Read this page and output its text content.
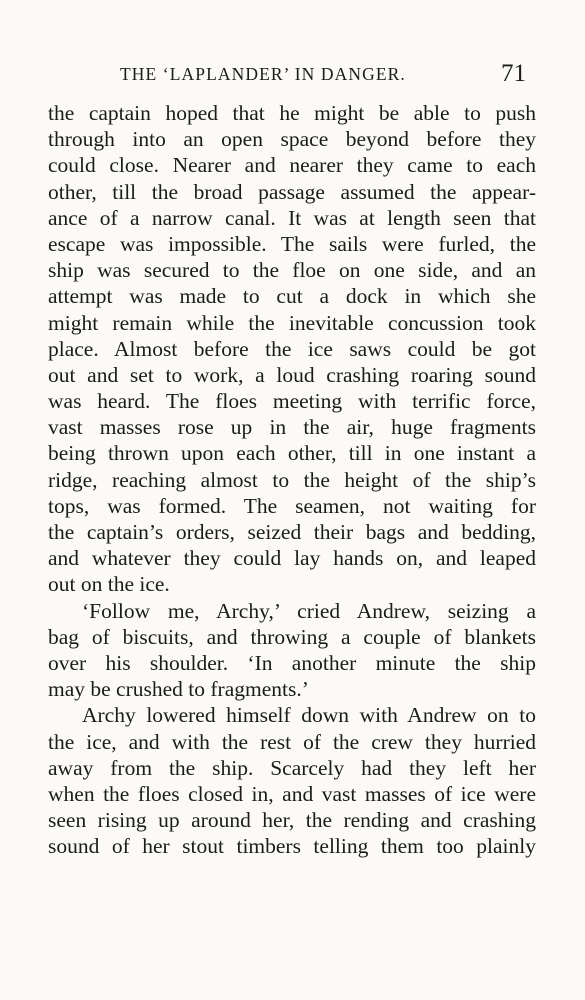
THE ‘LAPLANDER’ IN DANGER.	71
the captain hoped that he might be able to push
through into an open space beyond before they
could close. Nearer and nearer they came to each
other, till the broad passage assumed the appear-
ance of a narrow canal. It was at length seen that
escape was impossible. The sails were furled, the
ship was secured to the floe on one side, and an
attempt was made to cut a dock in which she
might remain while the inevitable concussion took
place. Almost before the ice saws could be got
out and set to work, a loud crashing roaring sound
was heard. The floes meeting with terrific force,
vast masses rose up in the air, huge fragments
being thrown upon each other, till in one instant a
ridge, reaching almost to the height of the ship’s
tops, was formed. The seamen, not waiting for
the captain’s orders, seized their bags and bedding,
and whatever they could lay hands on, and leaped
out on the ice.
‘Follow me, Archy,’ cried Andrew, seizing a
bag of biscuits, and throwing a couple of blankets
over his shoulder. ‘In another minute the ship
may be crushed to fragments.’
Archy lowered himself down with Andrew on to
the ice, and with the rest of the crew they hurried
away from the ship. Scarcely had they left her
when the floes closed in, and vast masses of ice were
seen rising up around her, the rending and crashing
sound of her stout timbers telling them too plainly
